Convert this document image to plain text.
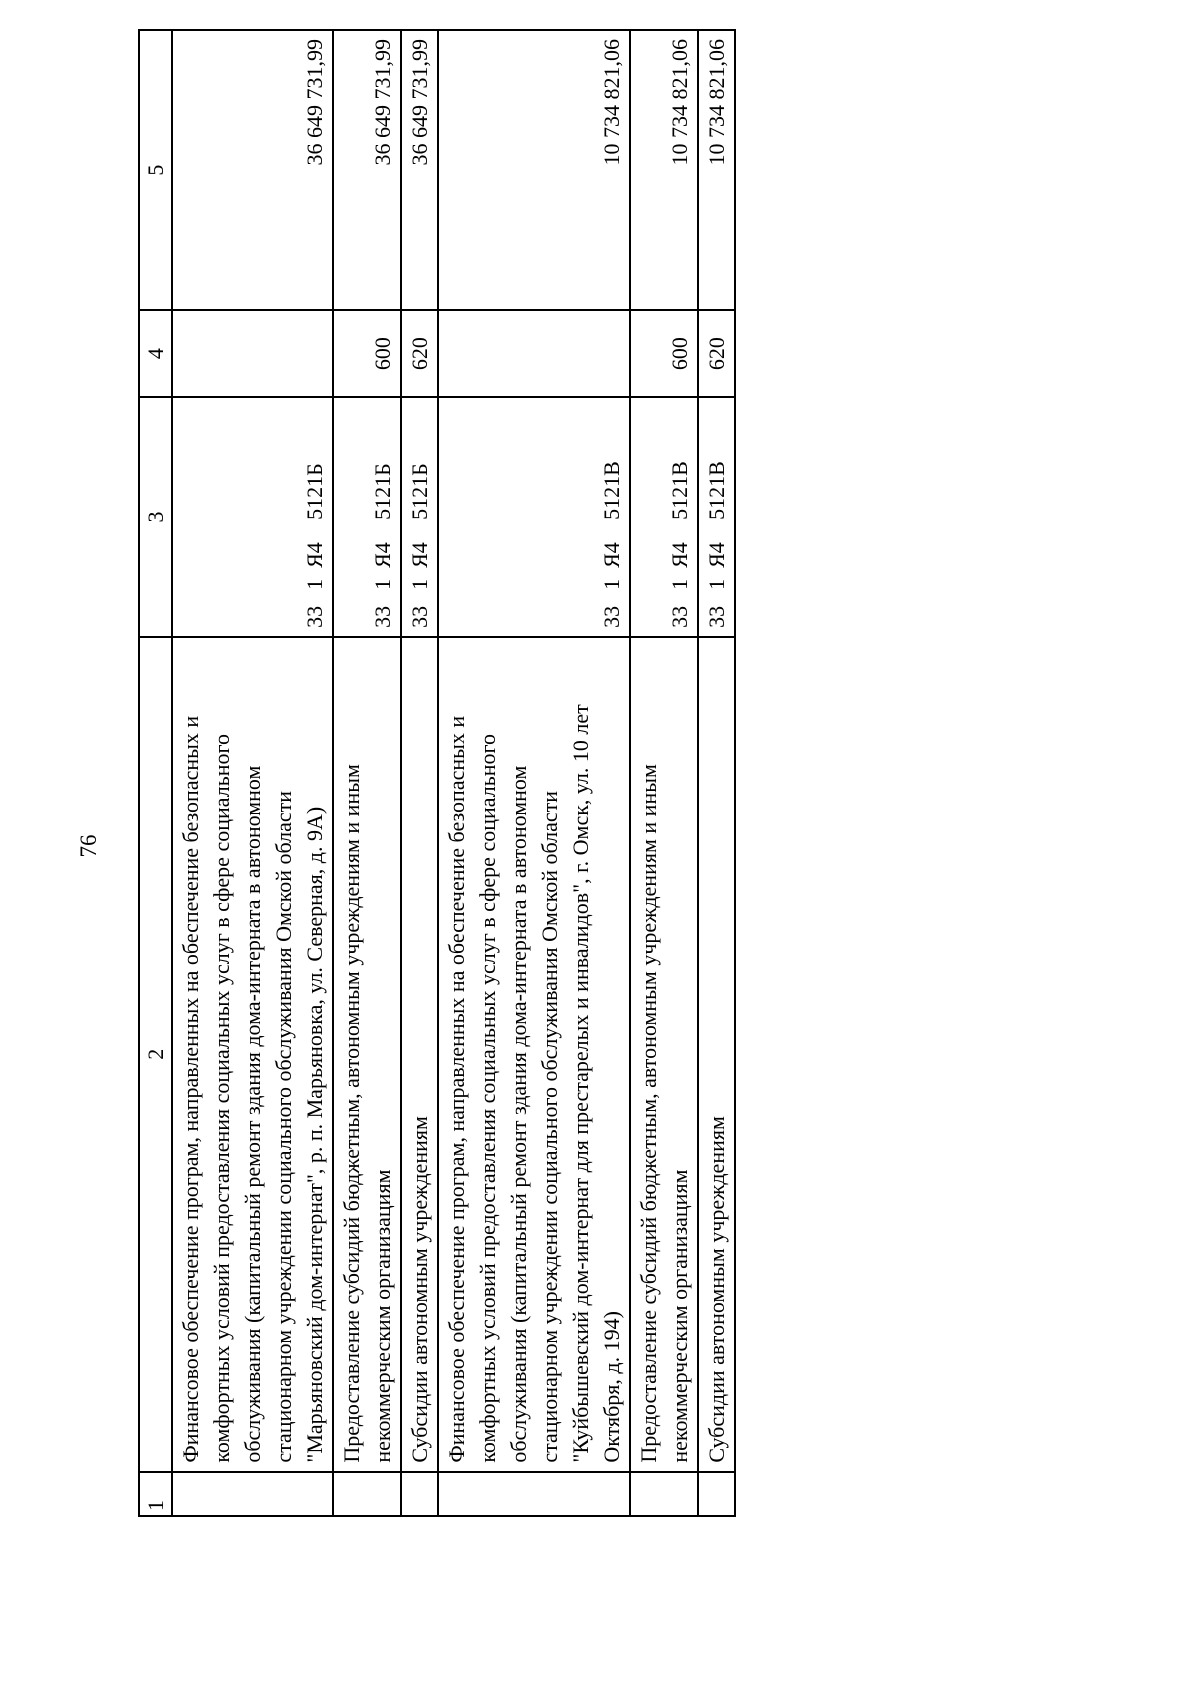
76
1	2	3	4	5
	Финансовое обеспечение програм, направленных на обеспечение безопасных и комфортных условий предоставления социальных услуг в сфере социального обслуживания (капитальный ремонт здания дома-интерната в автономном стационарном учреждении социального обслуживания Омской области "Марьяновский дом-интернат", р. п. Марьяновка, ул. Северная, д. 9А)	331Я45121Б		36 649 731,99
	Предоставление субсидий бюджетным, автономным учреждениям и иным некоммерческим организациям	331Я45121Б	600	36 649 731,99
	Субсидии автономным учреждениям	331Я45121Б	620	36 649 731,99
	Финансовое обеспечение програм, направленных на обеспечение безопасных и комфортных условий предоставления социальных услуг в сфере социального обслуживания (капитальный ремонт здания дома-интерната в автономном стационарном учреждении социального обслуживания Омской области "Куйбышевский дом-интернат для престарелых и инвалидов", г. Омск, ул. 10 лет Октября, д. 194)	331Я45121В		10 734 821,06
	Предоставление субсидий бюджетным, автономным учреждениям и иным некоммерческим организациям	331Я45121В	600	10 734 821,06
	Субсидии автономным учреждениям	331Я45121В	620	10 734 821,06
